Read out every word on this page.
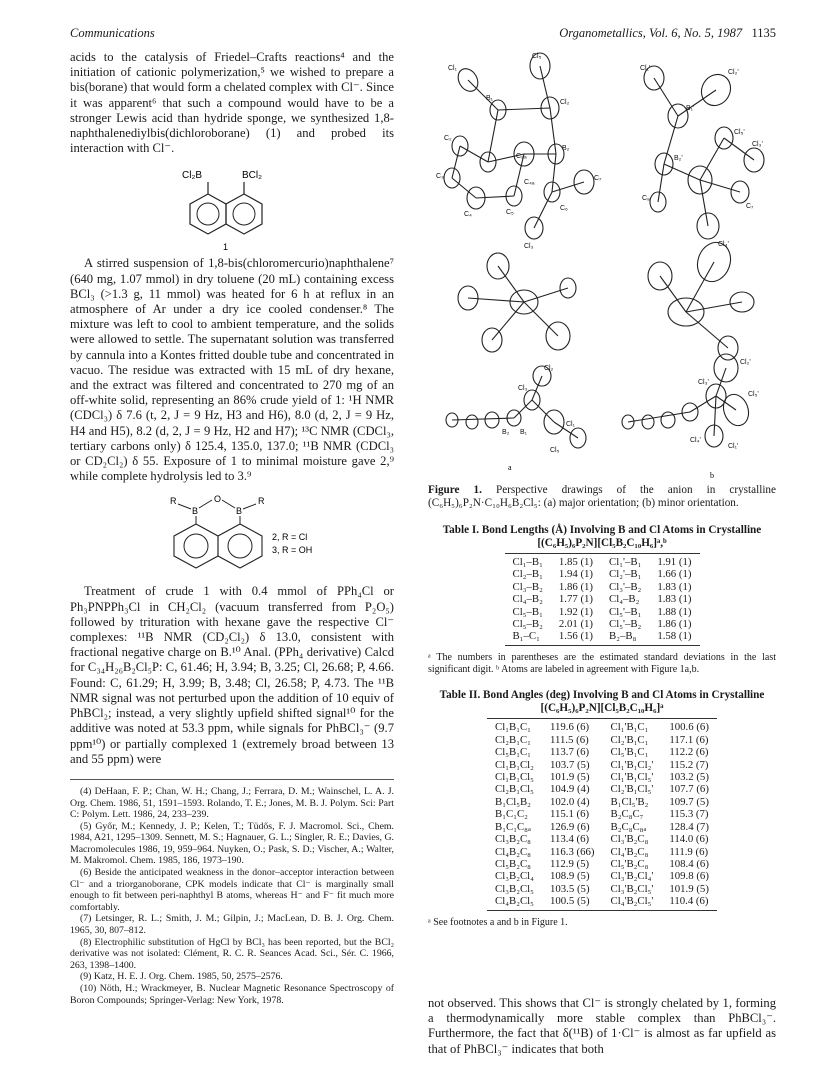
Communications	Organometallics, Vol. 6, No. 5, 1987 1135

acids to the catalysis of Friedel–Crafts reactions⁴ and the initiation of cationic polymerization,⁵ we wished to prepare a bis(borane) that would form a chelated complex with Cl⁻. Since it was apparent⁶ that such a compound would have to be a stronger Lewis acid than hydride sponge, we synthesized 1,8-naphthalenediylbis(dichloroborane) (1) and probed its interaction with Cl⁻.

Cl₂B	BCl₂
1

A stirred suspension of 1,8-bis(chloromercurio)naphthalene⁷ (640 mg, 1.07 mmol) in dry toluene (20 mL) containing excess BCl₃ (>1.3 g, 11 mmol) was heated for 6 h at reflux in an atmosphere of Ar under a dry ice cooled condenser.⁸ The mixture was left to cool to ambient temperature, and the solids were allowed to settle. The supernatant solution was transferred by cannula into a Kontes fritted double tube and concentrated in vacuo. The residue was extracted with 15 mL of dry hexane, and the extract was filtered and concentrated to 270 mg of an off-white solid, representing an 86% crude yield of 1: ¹H NMR (CDCl₃) δ 7.6 (t, 2, J = 9 Hz, H3 and H6), 8.0 (d, 2, J = 9 Hz, H4 and H5), 8.2 (d, 2, J = 9 Hz, H2 and H7); ¹³C NMR (CDCl₃, tertiary carbons only) δ 125.4, 135.0, 137.0; ¹¹B NMR (CDCl₃ or CD₂Cl₂) δ 55. Exposure of 1 to minimal moisture gave 2,⁹ while complete hydrolysis led to 3.⁹

R	O
B	B
R
2, R = Cl
3, R = OH

Treatment of crude 1 with 0.4 mmol of PPh₄Cl or Ph₃PNPPh₃Cl in CH₂Cl₂ (vacuum transferred from P₂O₅) followed by trituration with hexane gave the respective Cl⁻ complexes: ¹¹B NMR (CD₂Cl₂) δ 13.0, consistent with fractional negative charge on B.¹⁰ Anal. (PPh₄ derivative) Calcd for C₃₄H₂₆B₂Cl₅P: C, 61.46; H, 3.94; B, 3.25; Cl, 26.68; P, 4.66. Found: C, 61.29; H, 3.99; B, 3.48; Cl, 26.58; P, 4.73. The ¹¹B NMR signal was not perturbed upon the addition of 10 equiv of PhBCl₂; instead, a very slightly upfield shifted signal¹⁰ for the additive was noted at 53.3 ppm, while signals for PhBCl₃⁻ (9.7 ppm¹⁰) or partially complexed 1 (extremely broad between 13 and 55 ppm) were

(4) DeHaan, F. P.; Chan, W. H.; Chang, J.; Ferrara, D. M.; Wainschel, L. A. J. Org. Chem. 1986, 51, 1591–1593. Rolando, T. E.; Jones, M. B. J. Polym. Sci: Part C: Polym. Lett. 1986, 24, 233–239.

(5) Győr, M.; Kennedy, J. P.; Kelen, T.; Tüdős, F. J. Macromol. Sci., Chem. 1984, A21, 1295–1309. Sennett, M. S.; Hagnauer, G. L.; Singler, R. E.; Davies, G. Macromolecules 1986, 19, 959–964. Nuyken, O.; Pask, S. D.; Vischer, A.; Walter, M. Makromol. Chem. 1985, 186, 1973–190.

(6) Beside the anticipated weakness in the donor–acceptor interaction between Cl⁻ and a triorganoborane, CPK models indicate that Cl⁻ is marginally small enough to fit between peri-naphthyl B atoms, whereas H⁻ and F⁻ fit much more comfortably.

(7) Letsinger, R. L.; Smith, J. M.; Gilpin, J.; MacLean, D. B. J. Org. Chem. 1965, 30, 807–812.

(8) Electrophilic substitution of HgCl by BCl₃ has been reported, but the BCl₂ derivative was not isolated: Clément, R. C. R. Seances Acad. Sci., Sér. C. 1966, 263, 1398–1400.

(9) Katz, H. E. J. Org. Chem. 1985, 50, 2575–2576.

(10) Nöth, H.; Wrackmeyer, B. Nuclear Magnetic Resonance Spectroscopy of Boron Compounds; Springer-Verlag: New York, 1978.

Cl₁
Cl₅
B₁
Cl₂
C₂
C₃
C₄	C₅
C₈ₐ
B₂
C₄ₐ
C₆
C₇
Cl₃
Cl₁'
Cl₂'
B₁'
Cl₅'
Cl₃'
B₂'
C₇
C₈
Cl₄'
Cl₂
Cl₃
B₁
Cl₁
B₂
Cl₅
Cl₃'
Cl₂'
Cl₅'
Cl₄'
Cl₁'
a
b
Figure 1. Perspective drawings of the anion in crystalline (C₆H₅)₆P₂N·C₁₀H₆B₂Cl₅: (a) major orientation; (b) minor orientation.
Table I. Bond Lengths (Å) Involving B and Cl Atoms in Crystalline [(C₆H₅)₆P₂N][Cl₅B₂C₁₀H₆]ᵃ,ᵇ
Cl₁–B₁	1.85 (1)	Cl₁'–B₁	1.91 (1)
Cl₂–B₁	1.94 (1)	Cl₂'–B₁	1.66 (1)
Cl₃–B₂	1.86 (1)	Cl₃'–B₂	1.83 (1)
Cl₄–B₂	1.77 (1)	Cl₄–B₂	1.83 (1)
Cl₅–B₁	1.92 (1)	Cl₅'–B₁	1.88 (1)
Cl₅–B₂	2.01 (1)	Cl₅'–B₂	1.86 (1)
B₁–C₁	1.56 (1)	B₂–B₈	1.58 (1)
ᵃ The numbers in parentheses are the estimated standard deviations in the last significant digit. ᵇ Atoms are labeled in agreement with Figure 1a,b.
Table II. Bond Angles (deg) Involving B and Cl Atoms in Crystalline [(C₆H₅)₆P₂N][Cl₅B₂C₁₀H₆]ᵃ
Cl₁B₁C₁	119.6 (6)	Cl₁'B₁C₁	100.6 (6)
Cl₂B₁C₁	111.5 (6)	Cl₂'B₁C₁	117.1 (6)
Cl₅B₁C₁	113.7 (6)	Cl₅'B₁C₁	112.2 (6)
Cl₁B₁Cl₂	103.7 (5)	Cl₁'B₁Cl₂'	115.2 (7)
Cl₁B₁Cl₅	101.9 (5)	Cl₁'B₁Cl₅'	103.2 (5)
Cl₂B₁Cl₅	104.9 (4)	Cl₂'B₁Cl₅'	107.7 (6)
B₁Cl₅B₂	102.0 (4)	B₁Cl₅'B₂	109.7 (5)
B₁C₁C₂	115.1 (6)	B₂C₈C₇	115.3 (7)
B₁C₁C₈ₐ	126.9 (6)	B₂C₈C₈ₐ	128.4 (7)
Cl₃B₂C₈	113.4 (6)	Cl₃'B₂C₈	114.0 (6)
Cl₄B₂C₈	116.3 (66)	Cl₄'B₂C₈	111.9 (6)
Cl₅B₂C₈	112.9 (5)	Cl₅'B₂C₈	108.4 (6)
Cl₃B₂Cl₄	108.9 (5)	Cl₃'B₂Cl₄'	109.8 (6)
Cl₃B₂Cl₅	103.5 (5)	Cl₃'B₂Cl₅'	101.9 (5)
Cl₄B₂Cl₅	100.5 (5)	Cl₄'B₂Cl₅'	110.4 (6)
ᵃ See footnotes a and b in Figure 1.
not observed. This shows that Cl⁻ is strongly chelated by 1, forming a thermodynamically more stable complex than PhBCl₃⁻. Furthermore, the fact that δ(¹¹B) of 1·Cl⁻ is almost as far upfield as that of PhBCl₃⁻ indicates that both
